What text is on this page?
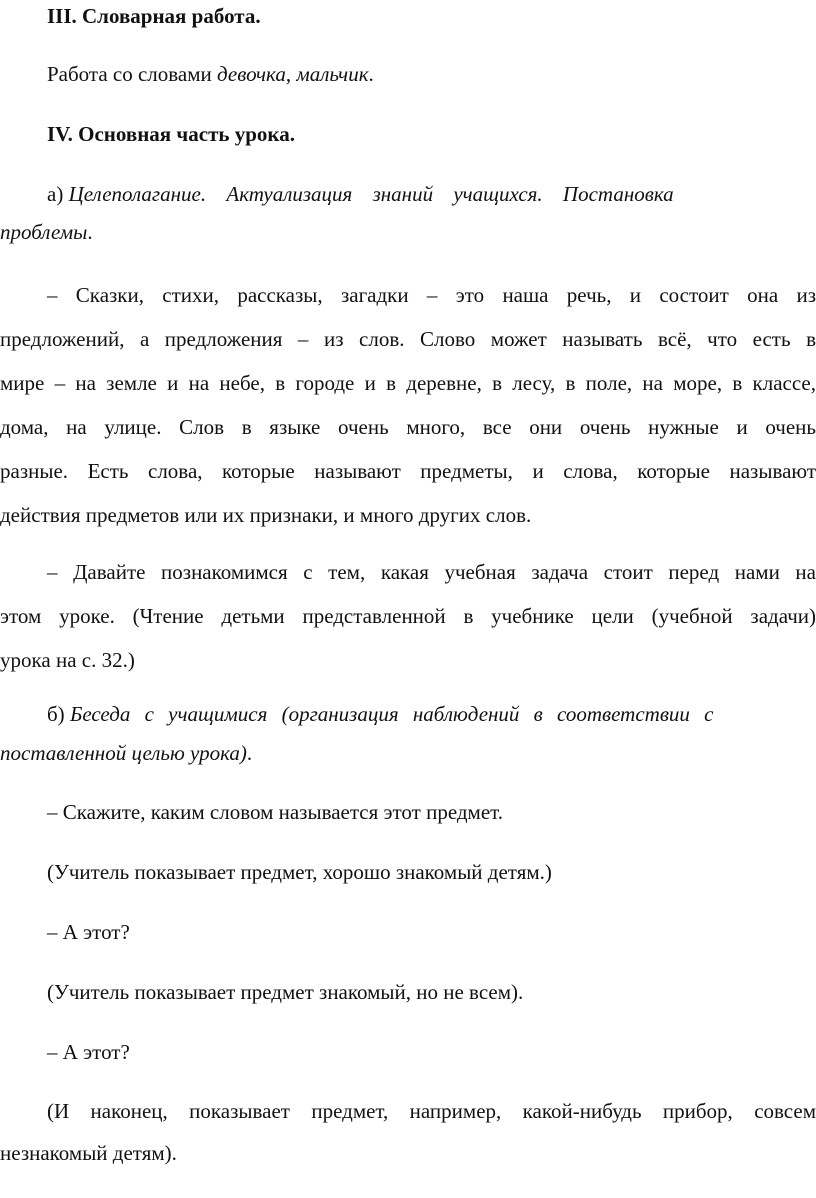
III. Словарная работа.
Работа со словами девочка, мальчик.
IV. Основная часть урока.
а) Целеполагание. Актуализация знаний учащихся. Постановка
проблемы.
– Сказки, стихи, рассказы, загадки – это наша речь, и состоит она из
предложений, а предложения – из слов. Слово может называть всё, что есть в
мире – на земле и на небе, в городе и в деревне, в лесу, в поле, на море, в классе,
дома, на улице. Слов в языке очень много, все они очень нужные и очень
разные. Есть слова, которые называют предметы, и слова, которые называют
действия предметов или их признаки, и много других слов.
– Давайте познакомимся с тем, какая учебная задача стоит перед нами на
этом уроке. (Чтение детьми представленной в учебнике цели (учебной задачи)
урока на с. 32.)
б) Беседа с учащимися (организация наблюдений в соответствии с
поставленной целью урока).
– Скажите, каким словом называется этот предмет.
(Учитель показывает предмет, хорошо знакомый детям.)
– А этот?
(Учитель показывает предмет знакомый, но не всем).
– А этот?
(И наконец, показывает предмет, например, какой-нибудь прибор, совсем
незнакомый детям).
